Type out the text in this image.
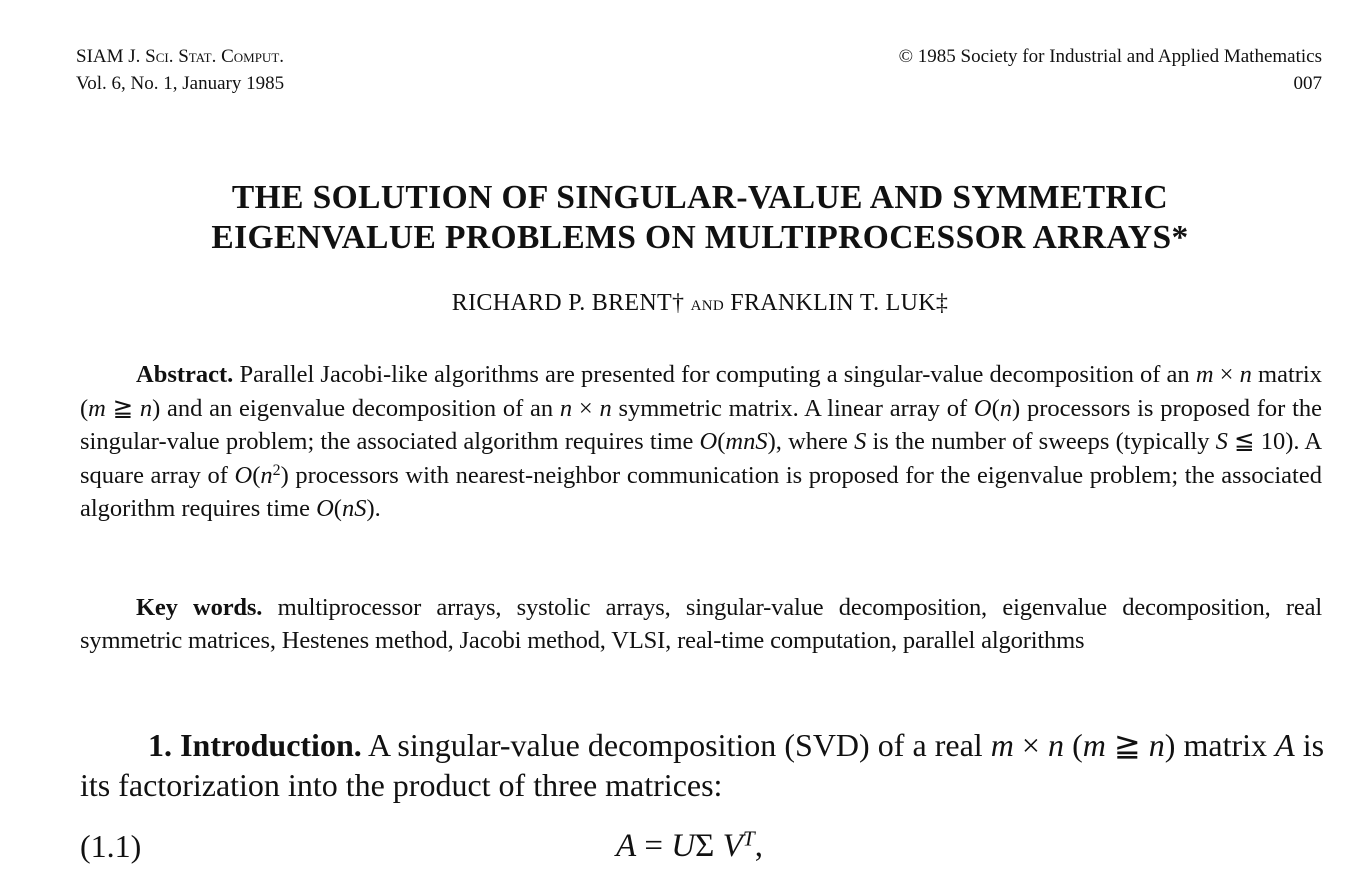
SIAM J. Sci. Stat. Comput.
Vol. 6, No. 1, January 1985
© 1985 Society for Industrial and Applied Mathematics
007
THE SOLUTION OF SINGULAR-VALUE AND SYMMETRIC
EIGENVALUE PROBLEMS ON MULTIPROCESSOR ARRAYS*
RICHARD P. BRENT† and FRANKLIN T. LUK‡
Abstract. Parallel Jacobi-like algorithms are presented for computing a singular-value decomposition of an m × n matrix (m ≧ n) and an eigenvalue decomposition of an n × n symmetric matrix. A linear array of O(n) processors is proposed for the singular-value problem; the associated algorithm requires time O(mnS), where S is the number of sweeps (typically S ≦ 10). A square array of $O(n^2)$ processors with nearest-neighbor communication is proposed for the eigenvalue problem; the associated algorithm requires time O(nS).
Key words. multiprocessor arrays, systolic arrays, singular-value decomposition, eigenvalue decomposition, real symmetric matrices, Hestenes method, Jacobi method, VLSI, real-time computation, parallel algorithms
1. Introduction. A singular-value decomposition (SVD) of a real m × n (m ≧ n) matrix A is its factorization into the product of three matrices:
(1.1)	A = UΣ $V^T$,
